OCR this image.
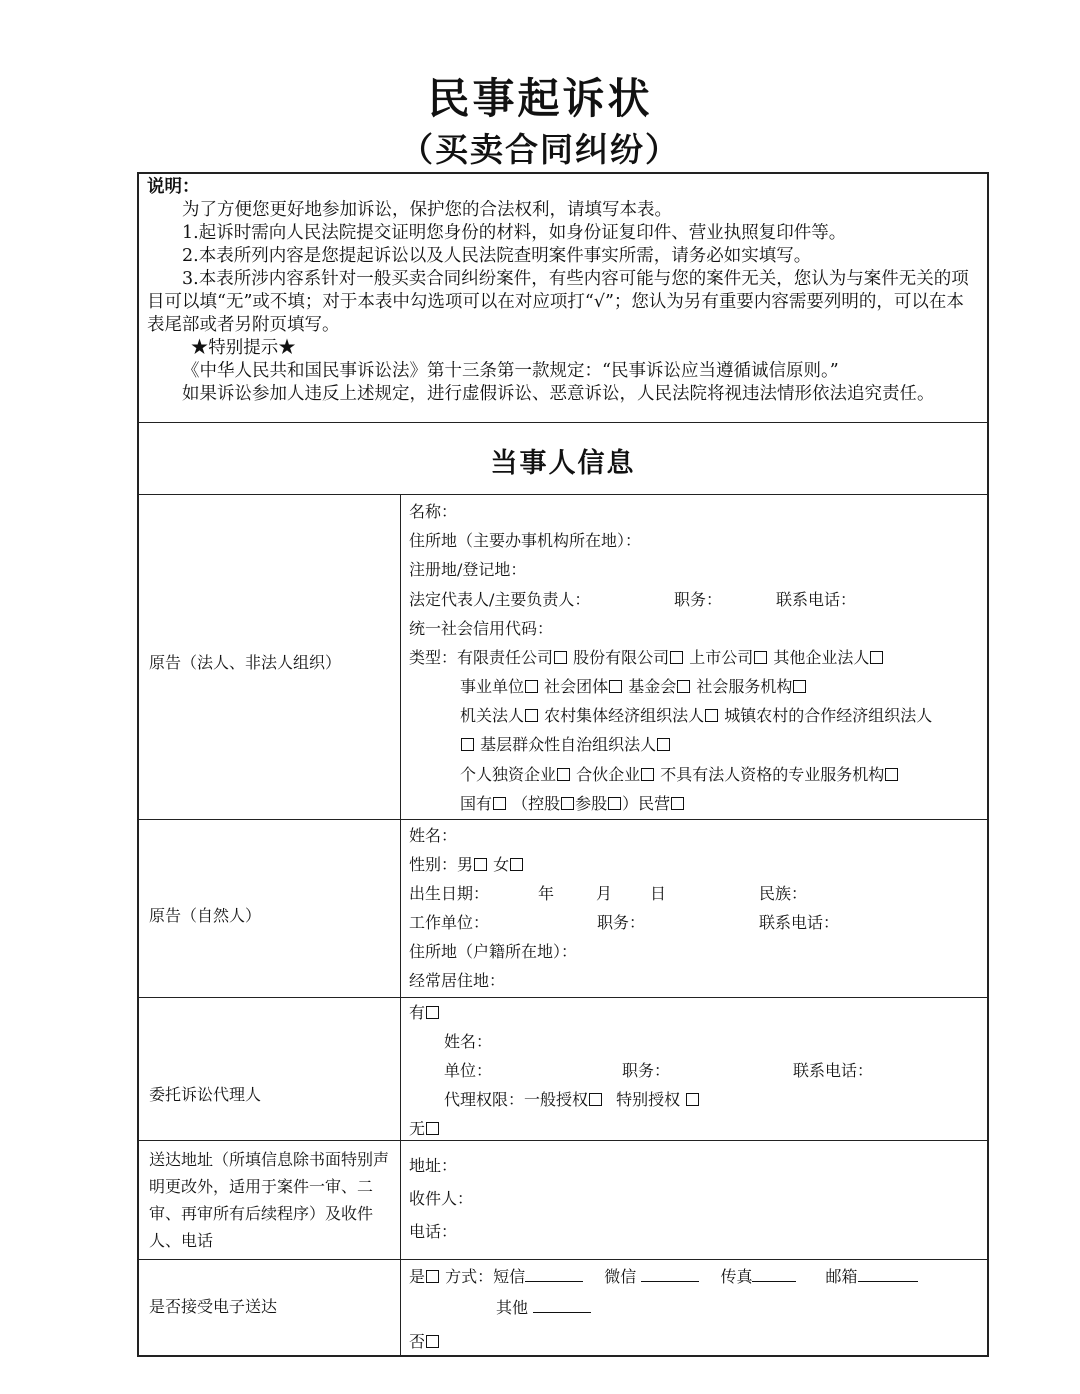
民事起诉状
（买卖合同纠纷）

说明：

为了方便您更好地参加诉讼，保护您的合法权利，请填写本表。

1.起诉时需向人民法院提交证明您身份的材料，如身份证复印件、营业执照复印件等。

2.本表所列内容是您提起诉讼以及人民法院查明案件事实所需，请务必如实填写。

3.本表所涉内容系针对一般买卖合同纠纷案件，有些内容可能与您的案件无关，您认为与案件无关的项目可以填“无”或不填；对于本表中勾选项可以在对应项打“√”；您认为另有重要内容需要列明的，可以在本表尾部或者另附页填写。

★特别提示★

《中华人民共和国民事诉讼法》第十三条第一款规定：“民事诉讼应当遵循诚信原则。”

如果诉讼参加人违反上述规定，进行虚假诉讼、恶意诉讼，人民法院将视违法情形依法追究责任。

当事人信息
原告（法人、非法人组织）
名称：
住所地（主要办事机构所在地）：
注册地/登记地：
法定代表人/主要负责人：	职务：	联系电话：
统一社会信用代码：
类型：有限责任公司 股份有限公司 上市公司 其他企业法人
事业单位 社会团体 基金会 社会服务机构
机关法人 农村集体经济组织法人 城镇农村的合作经济组织法人
基层群众性自治组织法人
个人独资企业 合伙企业 不具有法人资格的专业服务机构
国有 （控股 参股 ）民营
原告（自然人）
姓名：
性别：男 女
出生日期：	年	月 日	民族：
工作单位：	职务：	联系电话：
住所地（户籍所在地）：
经常居住地：
委托诉讼代理人
有
姓名：
单位：	职务：	联系电话：
代理权限：一般授权   特别授权
无
送达地址（所填信息除书面特别声明更改外，适用于案件一审、二审、再审所有后续程序）及收件人、电话
地址：
收件人：
电话：
是否接受电子送达
是 方式：短信  	微信   	传真   	邮箱
其他
否
